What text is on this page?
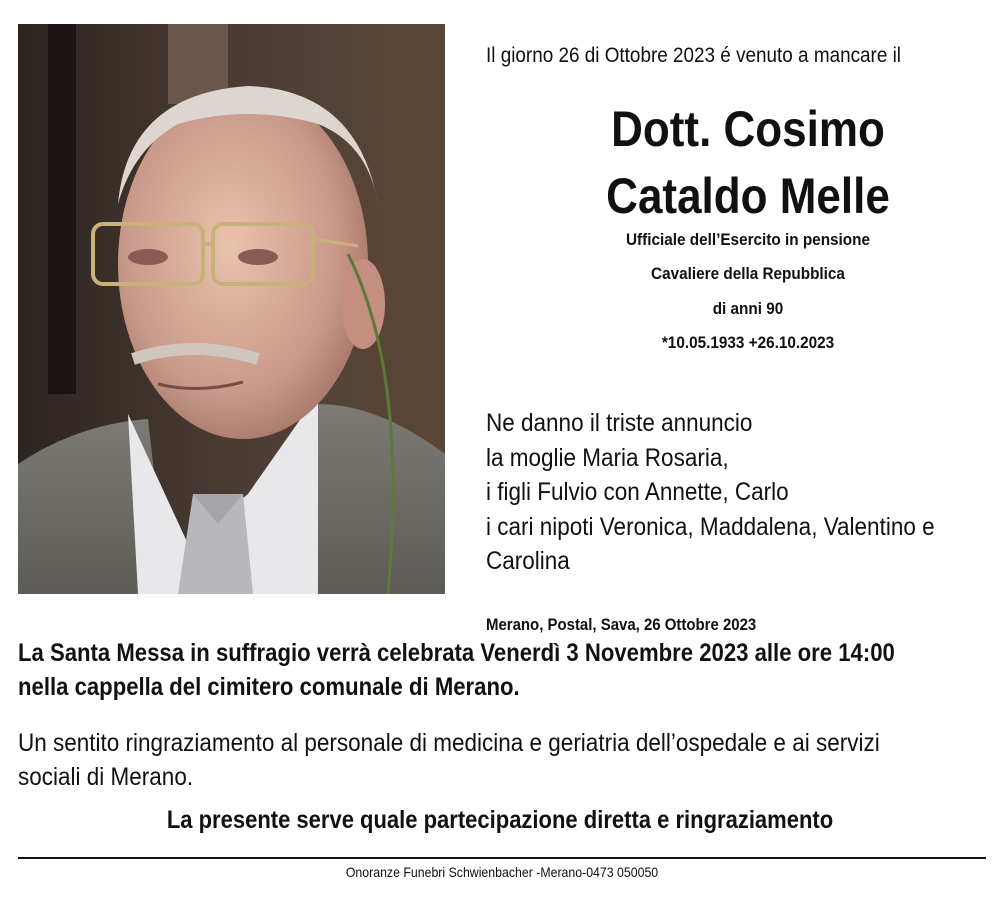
Il giorno 26 di Ottobre 2023 é venuto a mancare il
Dott. Cosimo
Cataldo Melle
Ufficiale dell’Esercito in pensione
Cavaliere della Repubblica
di anni 90
*10.05.1933 +26.10.2023
Ne danno il triste annuncio
la moglie Maria Rosaria,
i figli Fulvio con Annette, Carlo
i cari nipoti Veronica, Maddalena, Valentino e
Carolina
Merano, Postal, Sava, 26 Ottobre 2023
La Santa Messa in suffragio verrà celebrata Venerdì 3 Novembre 2023 alle ore 14:00
nella cappella del cimitero comunale di Merano.
Un sentito ringraziamento al personale di medicina e geriatria dell’ospedale e ai servizi
sociali di Merano.
La presente serve quale partecipazione diretta e ringraziamento
Onoranze Funebri Schwienbacher -Merano-0473 050050
